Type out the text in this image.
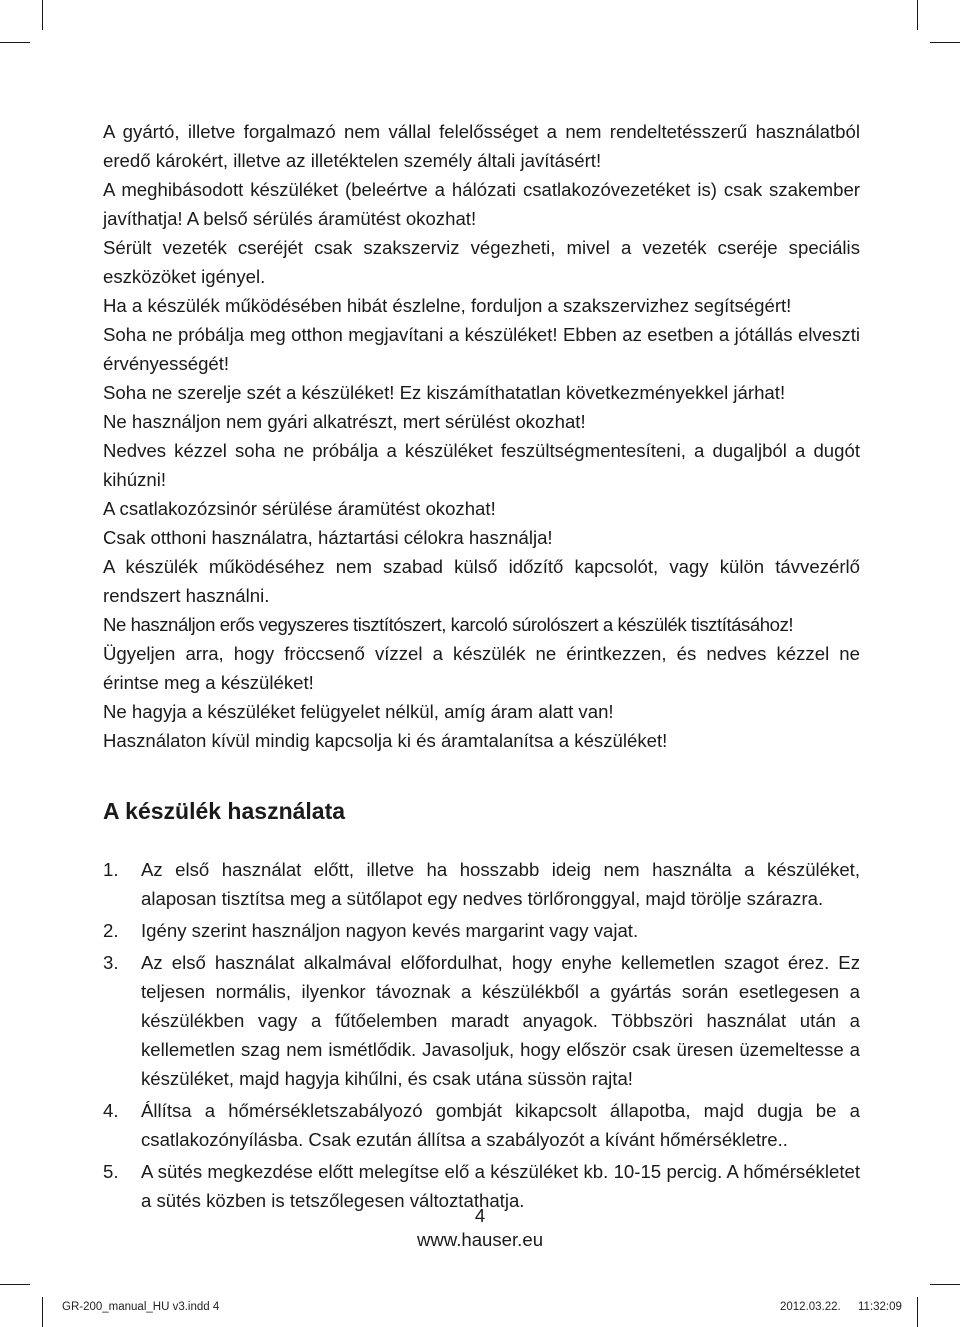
A gyártó, illetve forgalmazó nem vállal felelősséget a nem rendeltetésszerű használatból eredő károkért, illetve az illetéktelen személy általi javításért!

A meghibásodott készüléket (beleértve a hálózati csatlakozóvezetéket is) csak szakember javíthatja! A belső sérülés áramütést okozhat!

Sérült vezeték cseréjét csak szakszerviz végezheti, mivel a vezeték cseréje speciális eszközöket igényel.

Ha a készülék működésében hibát észlelne, forduljon a szakszervizhez segítségért!

Soha ne próbálja meg otthon megjavítani a készüléket! Ebben az esetben a jótállás elveszti érvényességét!

Soha ne szerelje szét a készüléket! Ez kiszámíthatatlan következményekkel járhat!

Ne használjon nem gyári alkatrészt, mert sérülést okozhat!

Nedves kézzel soha ne próbálja a készüléket feszültségmentesíteni, a dugaljból a dugót kihúzni!

A csatlakozózsinór sérülése áramütést okozhat!

Csak otthoni használatra, háztartási célokra használja!

A készülék működéséhez nem szabad külső időzítő kapcsolót, vagy külön távvezérlő rendszert használni.

Ne használjon erős vegyszeres tisztítószert, karcoló súrolószert a készülék tisztításához!

Ügyeljen arra, hogy fröccsenő vízzel a készülék ne érintkezzen, és nedves kézzel ne érintse meg a készüléket!

Ne hagyja a készüléket felügyelet nélkül, amíg áram alatt van!

Használaton kívül mindig kapcsolja ki és áramtalanítsa a készüléket!

A készülék használata
1.	Az első használat előtt, illetve ha hosszabb ideig nem használta a készüléket, alaposan tisztítsa meg a sütőlapot egy nedves törlőronggyal, majd törölje szárazra.
2.	Igény szerint használjon nagyon kevés margarint vagy vajat.
3.	Az első használat alkalmával előfordulhat, hogy enyhe kellemetlen szagot érez. Ez teljesen normális, ilyenkor távoznak a készülékből a gyártás során esetlegesen a készülékben vagy a fűtőelemben maradt anyagok. Többszöri használat után a kellemetlen szag nem ismétlődik. Javasoljuk, hogy először csak üresen üzemeltesse a készüléket, majd hagyja kihűlni, és csak utána süssön rajta!
4.	Állítsa a hőmérsékletszabályozó gombját kikapcsolt állapotba, majd dugja be a csatlakozónyílásba. Csak ezután állítsa a szabályozót a kívánt hőmérsékletre..
5.	A sütés megkezdése előtt melegítse elő a készüléket kb. 10-15 percig. A hőmérsékletet a sütés közben is tetszőlegesen változtathatja.
4
www.hauser.eu
GR-200_manual_HU v3.indd 4	2012.03.22. 11:32:09
